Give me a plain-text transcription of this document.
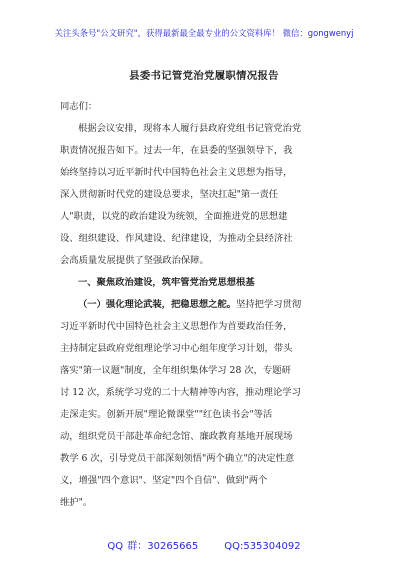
关注头条号"公文研究"，获得最新最全最专业的公文资料库！ 微信：gongwenyj
县委书记管党治党履职情况报告
同志们：
根据会议安排，现将本人履行县政府党组书记管党治党
职责情况报告如下。过去一年，在县委的坚强领导下，我
始终坚持以习近平新时代中国特色社会主义思想为指导，
深入贯彻新时代党的建设总要求，坚决扛起"第一责任
人"职责，以党的政治建设为统领，全面推进党的思想建
设、组织建设、作风建设、纪律建设，为推动全县经济社
会高质量发展提供了坚强政治保障。
一、聚焦政治建设，筑牢管党治党思想根基
（一）强化理论武装，把稳思想之舵。坚持把学习贯彻
习近平新时代中国特色社会主义思想作为首要政治任务，
主持制定县政府党组理论学习中心组年度学习计划，带头
落实"第一议题"制度，全年组织集体学习 28 次，专题研
讨 12 次，系统学习党的二十大精神等内容，推动理论学习
走深走实。创新开展"理论微课堂""红色读书会"等活
动，组织党员干部赴革命纪念馆、廉政教育基地开展现场
教学 6 次，引导党员干部深刻领悟"两个确立"的决定性意
义，增强"四个意识"、坚定"四个自信"、做到"两个
维护"。
QQ 群：30265665	QQ:535304092
